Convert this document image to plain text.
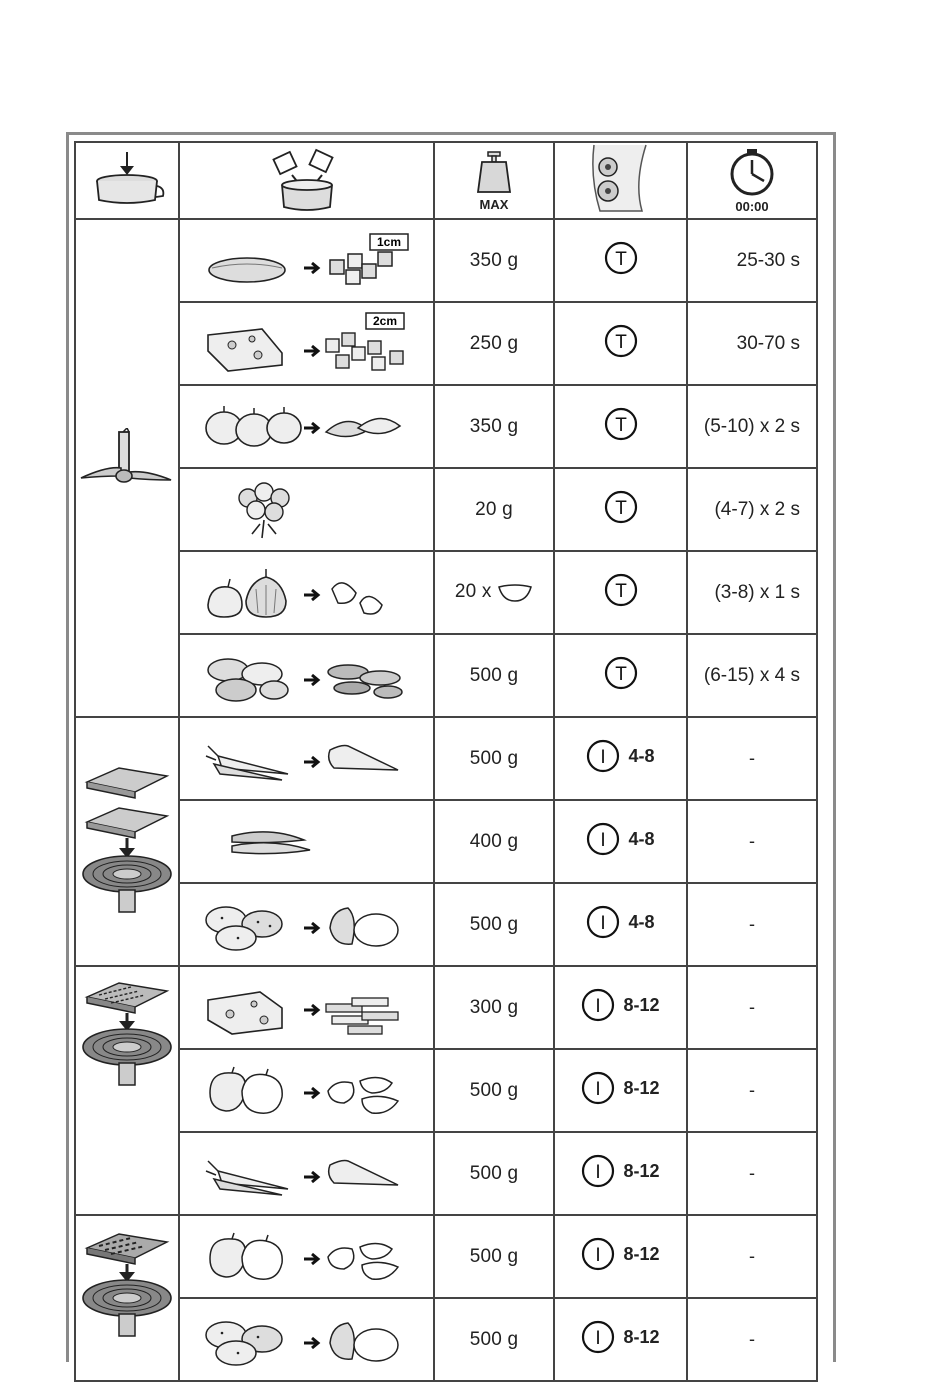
MAX		00:00

1cm	350 g	T	25-30 s

2cm	250 g	T	30-70 s

	350 g	T	(5-10) x 2 s

	20 g	T	(4-7) x 2 s

	20 x	T	(3-8) x 1 s

	500 g	T	(6-15) x 4 s

	500 g	I 4-8	-

	400 g	I 4-8	-

	500 g	I 4-8	-

	300 g	I 8-12	-

	500 g	I 8-12	-

	500 g	I 8-12	-

	500 g	I 8-12	-

	500 g	I 8-12	-
